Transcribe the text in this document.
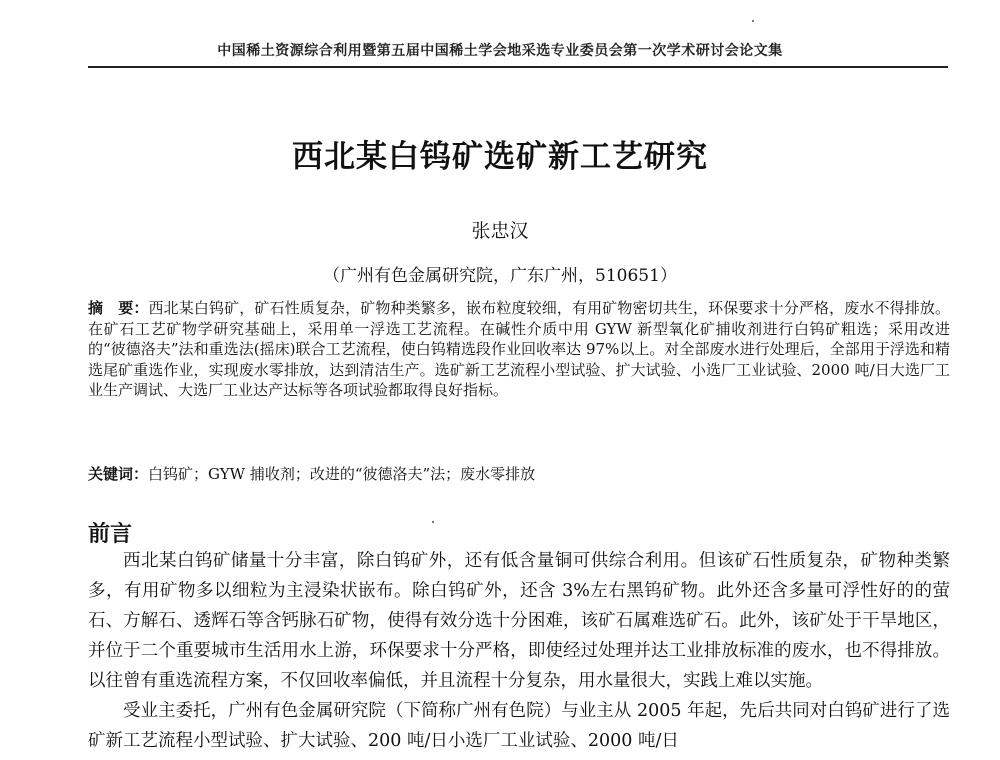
中国稀土资源综合利用暨第五届中国稀土学会地采选专业委员会第一次学术研讨会论文集
西北某白钨矿选矿新工艺研究
张忠汉
（广州有色金属研究院，广东广州，510651）
摘　要：西北某白钨矿，矿石性质复杂，矿物种类繁多，嵌布粒度较细，有用矿物密切共生，环保要求十分严格，废水不得排放。在矿石工艺矿物学研究基础上，采用单一浮选工艺流程。在碱性介质中用 GYW 新型氧化矿捕收剂进行白钨矿粗选；采用改进的“彼德洛夫”法和重选法(摇床)联合工艺流程，使白钨精选段作业回收率达 97%以上。对全部废水进行处理后，全部用于浮选和精选尾矿重选作业，实现废水零排放，达到清洁生产。选矿新工艺流程小型试验、扩大试验、小选厂工业试验、2000 吨/日大选厂工业生产调试、大选厂工业达产达标等各项试验都取得良好指标。
关键词：白钨矿；GYW 捕收剂；改进的“彼德洛夫”法；废水零排放
前言

西北某白钨矿储量十分丰富，除白钨矿外，还有低含量铜可供综合利用。但该矿石性质复杂，矿物种类繁多，有用矿物多以细粒为主浸染状嵌布。除白钨矿外，还含 3%左右黑钨矿物。此外还含多量可浮性好的的萤石、方解石、透辉石等含钙脉石矿物，使得有效分选十分困难，该矿石属难选矿石。此外，该矿处于干旱地区，并位于二个重要城市生活用水上游，环保要求十分严格，即使经过处理并达工业排放标准的废水，也不得排放。以往曾有重选流程方案，不仅回收率偏低，并且流程十分复杂，用水量很大，实践上难以实施。

受业主委托，广州有色金属研究院（下简称广州有色院）与业主从 2005 年起，先后共同对白钨矿进行了选矿新工艺流程小型试验、扩大试验、200 吨/日小选厂工业试验、2000 吨/日
